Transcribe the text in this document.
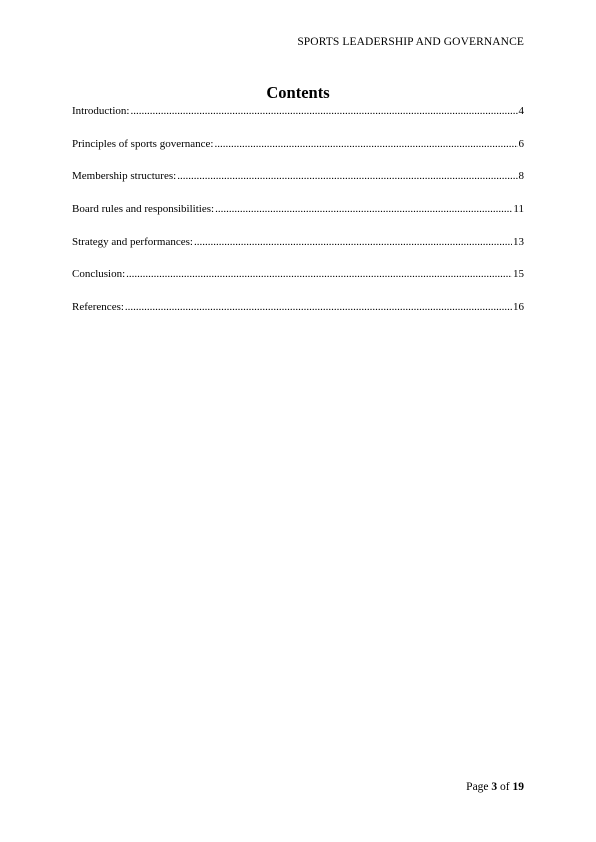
SPORTS LEADERSHIP AND GOVERNANCE
Contents
Introduction: .....	4
Principles of sports governance: .....	6
Membership structures: .....	8
Board rules and responsibilities: .....	11
Strategy and performances: .....	13
Conclusion: .....	15
References: .....	16
Page 3 of 19
